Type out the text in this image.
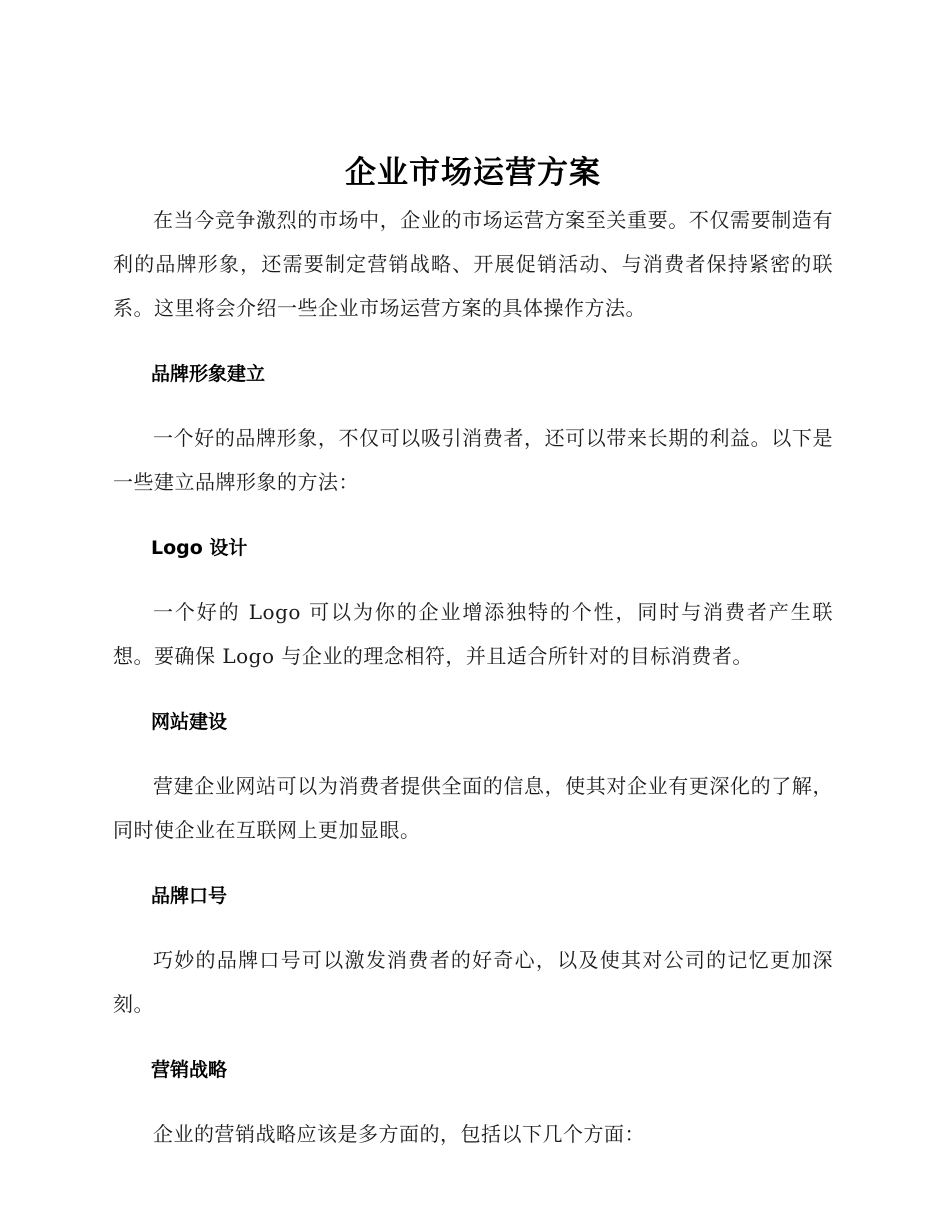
企业市场运营方案

在当今竞争激烈的市场中，企业的市场运营方案至关重要。不仅需要制造有利的品牌形象，还需要制定营销战略、开展促销活动、与消费者保持紧密的联系。这里将会介绍一些企业市场运营方案的具体操作方法。

品牌形象建立

一个好的品牌形象，不仅可以吸引消费者，还可以带来长期的利益。以下是一些建立品牌形象的方法：

Logo 设计

一个好的 Logo 可以为你的企业增添独特的个性，同时与消费者产生联想。要确保 Logo 与企业的理念相符，并且适合所针对的目标消费者。

网站建设

营建企业网站可以为消费者提供全面的信息，使其对企业有更深化的了解，同时使企业在互联网上更加显眼。

品牌口号

巧妙的品牌口号可以激发消费者的好奇心，以及使其对公司的记忆更加深刻。

营销战略

企业的营销战略应该是多方面的，包括以下几个方面：
